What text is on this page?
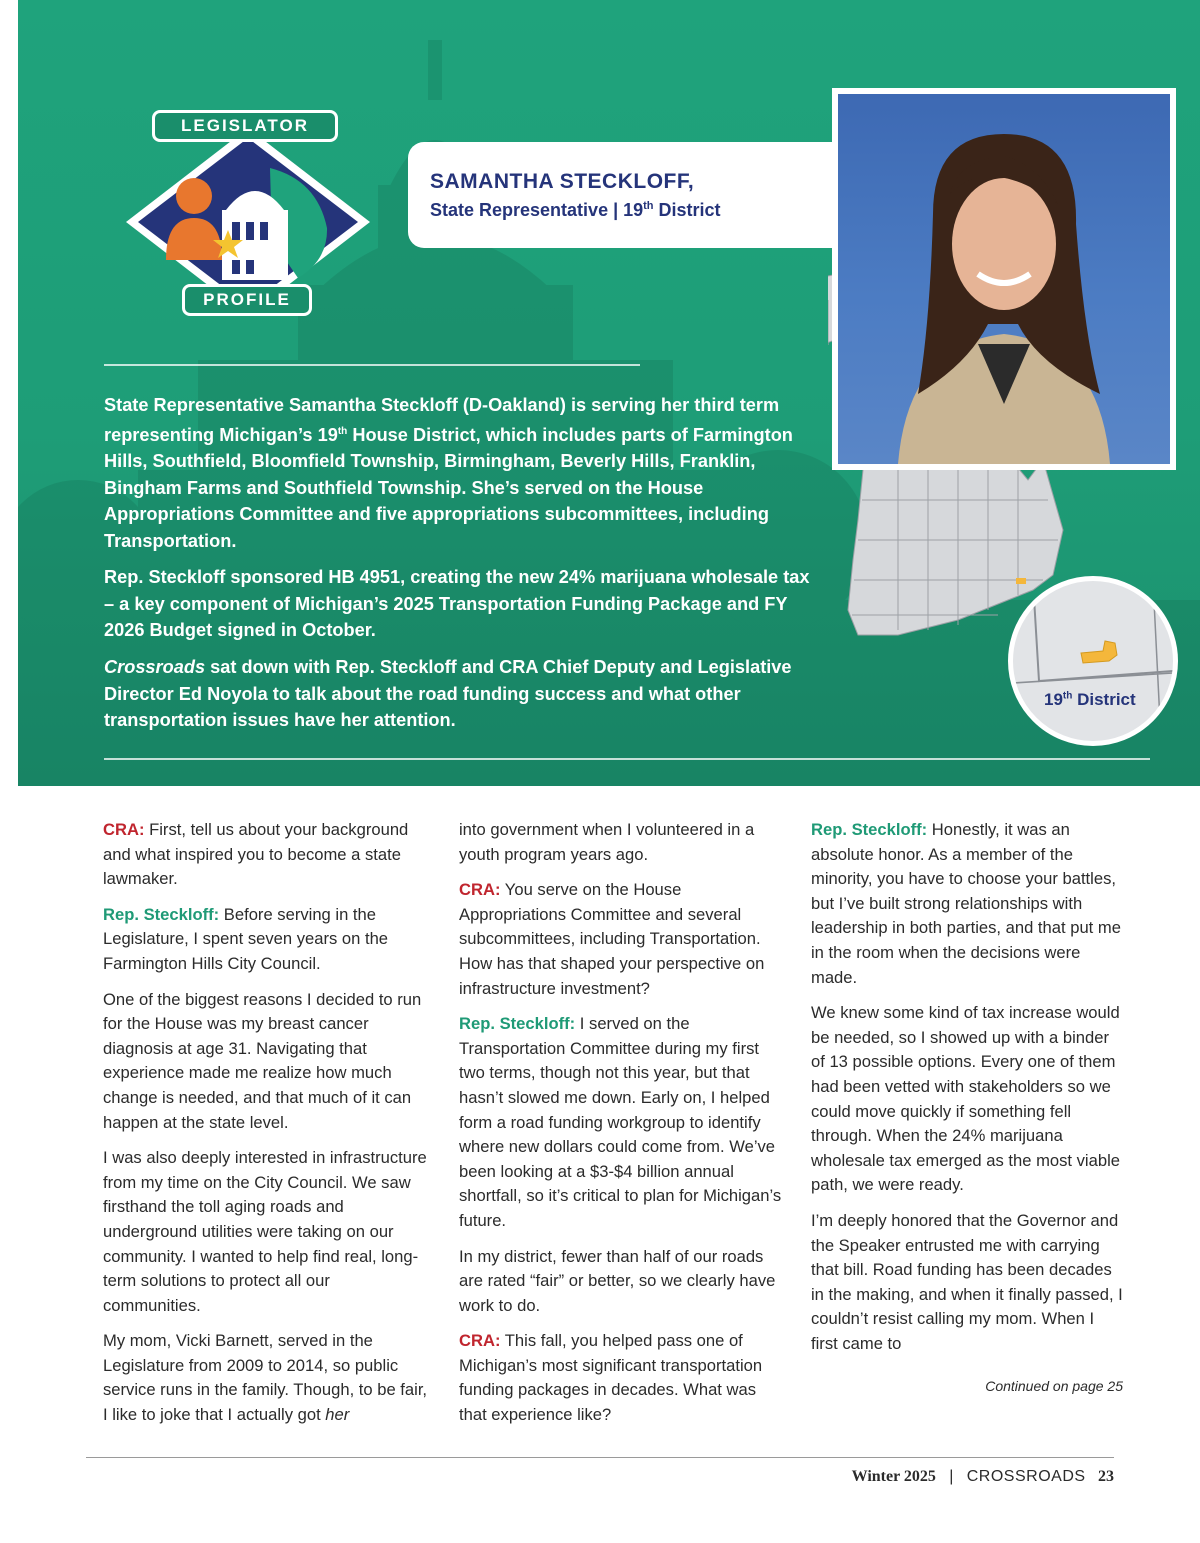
LEGISLATOR
PROFILE
SAMANTHA STECKLOFF,
State Representative | 19th District
19th District

State Representative Samantha Steckloff (D-Oakland) is serving her third term representing Michigan’s 19th House District, which includes parts of Farmington Hills, Southfield, Bloomfield Township, Birmingham, Beverly Hills, Franklin, Bingham Farms and Southfield Township. She’s served on the House Appropriations Committee and five appropriations subcommittees, including Transportation.

Rep. Steckloff sponsored HB 4951, creating the new 24% marijuana wholesale tax – a key component of Michigan’s 2025 Transportation Funding Package and FY 2026 Budget signed in October.

Crossroads sat down with Rep. Steckloff and CRA Chief Deputy and Legislative Director Ed Noyola to talk about the road funding success and what other transportation issues have her attention.

CRA: First, tell us about your background and what inspired you to become a state lawmaker.

Rep. Steckloff: Before serving in the Legislature, I spent seven years on the Farmington Hills City Council.

One of the biggest reasons I decided to run for the House was my breast cancer diagnosis at age 31. Navigating that experience made me realize how much change is needed, and that much of it can happen at the state level.

I was also deeply interested in infrastructure from my time on the City Council. We saw firsthand the toll aging roads and underground utilities were taking on our community. I wanted to help find real, long-term solutions to protect all our communities.

My mom, Vicki Barnett, served in the Legislature from 2009 to 2014, so public service runs in the family. Though, to be fair, I like to joke that I actually got her

into government when I volunteered in a youth program years ago.

CRA: You serve on the House Appropriations Committee and several subcommittees, including Transportation. How has that shaped your perspective on infrastructure investment?

Rep. Steckloff: I served on the Transportation Committee during my first two terms, though not this year, but that hasn’t slowed me down. Early on, I helped form a road funding workgroup to identify where new dollars could come from. We’ve been looking at a $3-$4 billion annual shortfall, so it’s critical to plan for Michigan’s future.

In my district, fewer than half of our roads are rated “fair” or better, so we clearly have work to do.

CRA: This fall, you helped pass one of Michigan’s most significant transportation funding packages in decades. What was that experience like?

Rep. Steckloff: Honestly, it was an absolute honor. As a member of the minority, you have to choose your battles, but I’ve built strong relationships with leadership in both parties, and that put me in the room when the decisions were made.

We knew some kind of tax increase would be needed, so I showed up with a binder of 13 possible options. Every one of them had been vetted with stakeholders so we could move quickly if something fell through. When the 24% marijuana wholesale tax emerged as the most viable path, we were ready.

I’m deeply honored that the Governor and the Speaker entrusted me with carrying that bill. Road funding has been decades in the making, and when it finally passed, I couldn’t resist calling my mom. When I first came to

Continued on page 25

Winter 2025 | CROSSROADS 23
